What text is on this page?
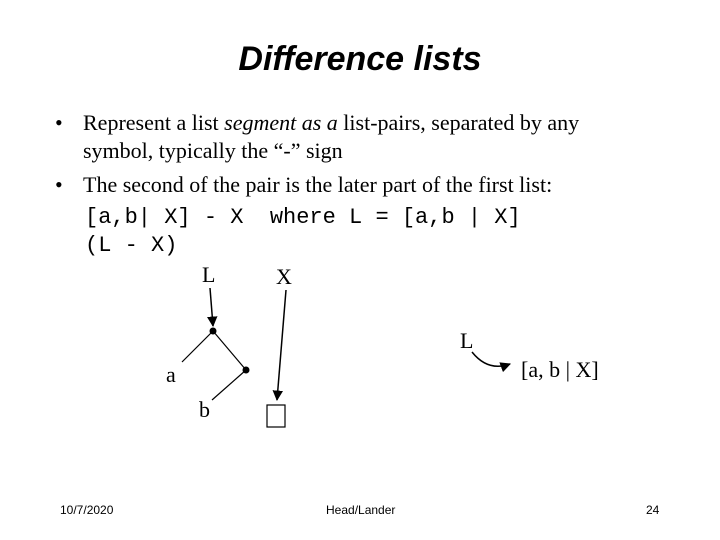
Difference lists
• Represent a list segment as a list-pairs, separated by any
symbol, typically the “-” sign
• The second of the pair is the later part of the first list:
[a,b| X] - X  where L = [a,b | X]
(L - X)
L	X
a
b
L
[a, b | X]
10/7/2020	Head/Lander	24
